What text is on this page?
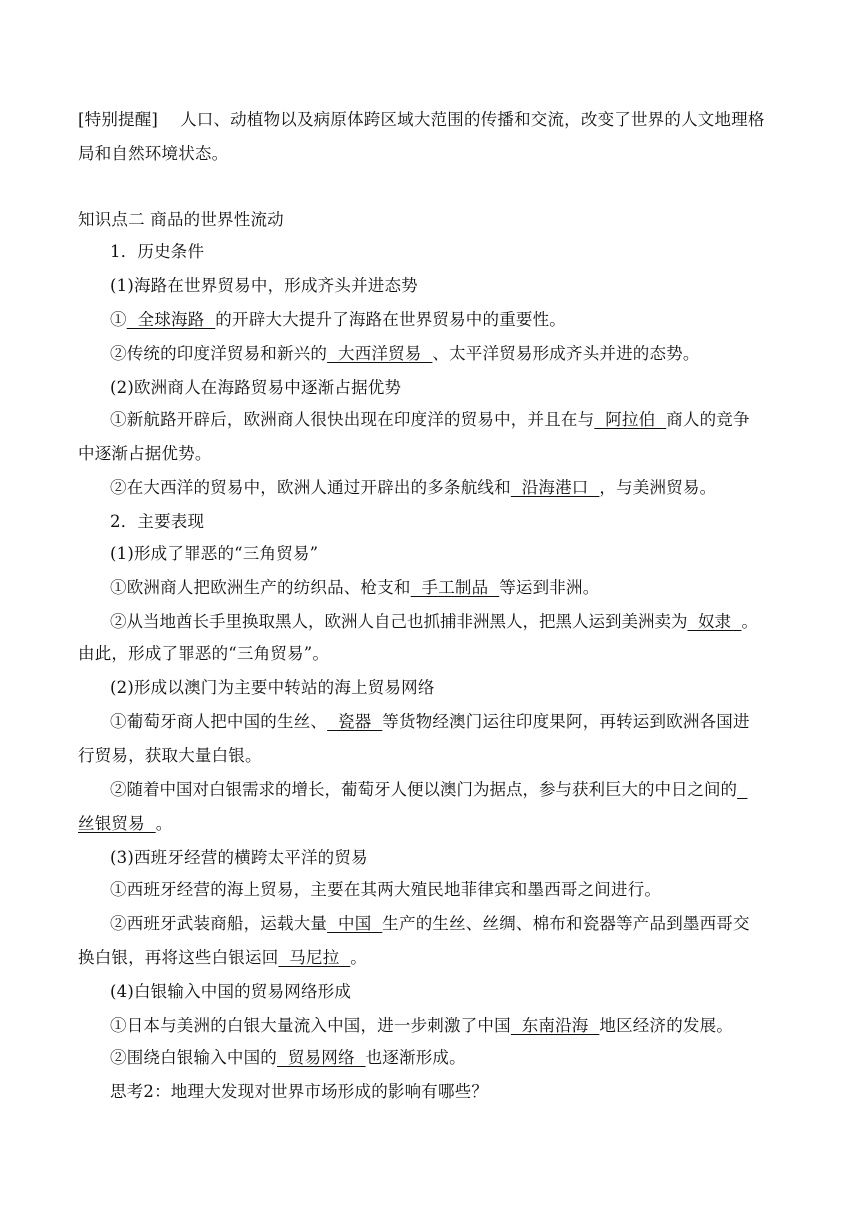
[特别提醒] 人口、动植物以及病原体跨区域大范围的传播和交流，改变了世界的人文地理格
局和自然环境状态。
知识点二 商品的世界性流动
1．历史条件
(1)海路在世界贸易中，形成齐头并进态势
①  全球海路  的开辟大大提升了海路在世界贸易中的重要性。
②传统的印度洋贸易和新兴的  大西洋贸易  、太平洋贸易形成齐头并进的态势。
(2)欧洲商人在海路贸易中逐渐占据优势
①新航路开辟后，欧洲商人很快出现在印度洋的贸易中，并且在与  阿拉伯  商人的竞争
中逐渐占据优势。
②在大西洋的贸易中，欧洲人通过开辟出的多条航线和  沿海港口  ，与美洲贸易。
2．主要表现
(1)形成了罪恶的“三角贸易”
①欧洲商人把欧洲生产的纺织品、枪支和  手工制品  等运到非洲。
②从当地酋长手里换取黑人，欧洲人自己也抓捕非洲黑人，把黑人运到美洲卖为  奴隶  。
由此，形成了罪恶的“三角贸易”。
(2)形成以澳门为主要中转站的海上贸易网络
①葡萄牙商人把中国的生丝、  瓷器  等货物经澳门运往印度果阿，再转运到欧洲各国进
行贸易，获取大量白银。
②随着中国对白银需求的增长，葡萄牙人便以澳门为据点，参与获利巨大的中日之间的
丝银贸易  。
(3)西班牙经营的横跨太平洋的贸易
①西班牙经营的海上贸易，主要在其两大殖民地菲律宾和墨西哥之间进行。
②西班牙武装商船，运载大量  中国  生产的生丝、丝绸、棉布和瓷器等产品到墨西哥交
换白银，再将这些白银运回  马尼拉  。
(4)白银输入中国的贸易网络形成
①日本与美洲的白银大量流入中国，进一步刺激了中国  东南沿海  地区经济的发展。
②围绕白银输入中国的  贸易网络  也逐渐形成。
思考2：地理大发现对世界市场形成的影响有哪些？
